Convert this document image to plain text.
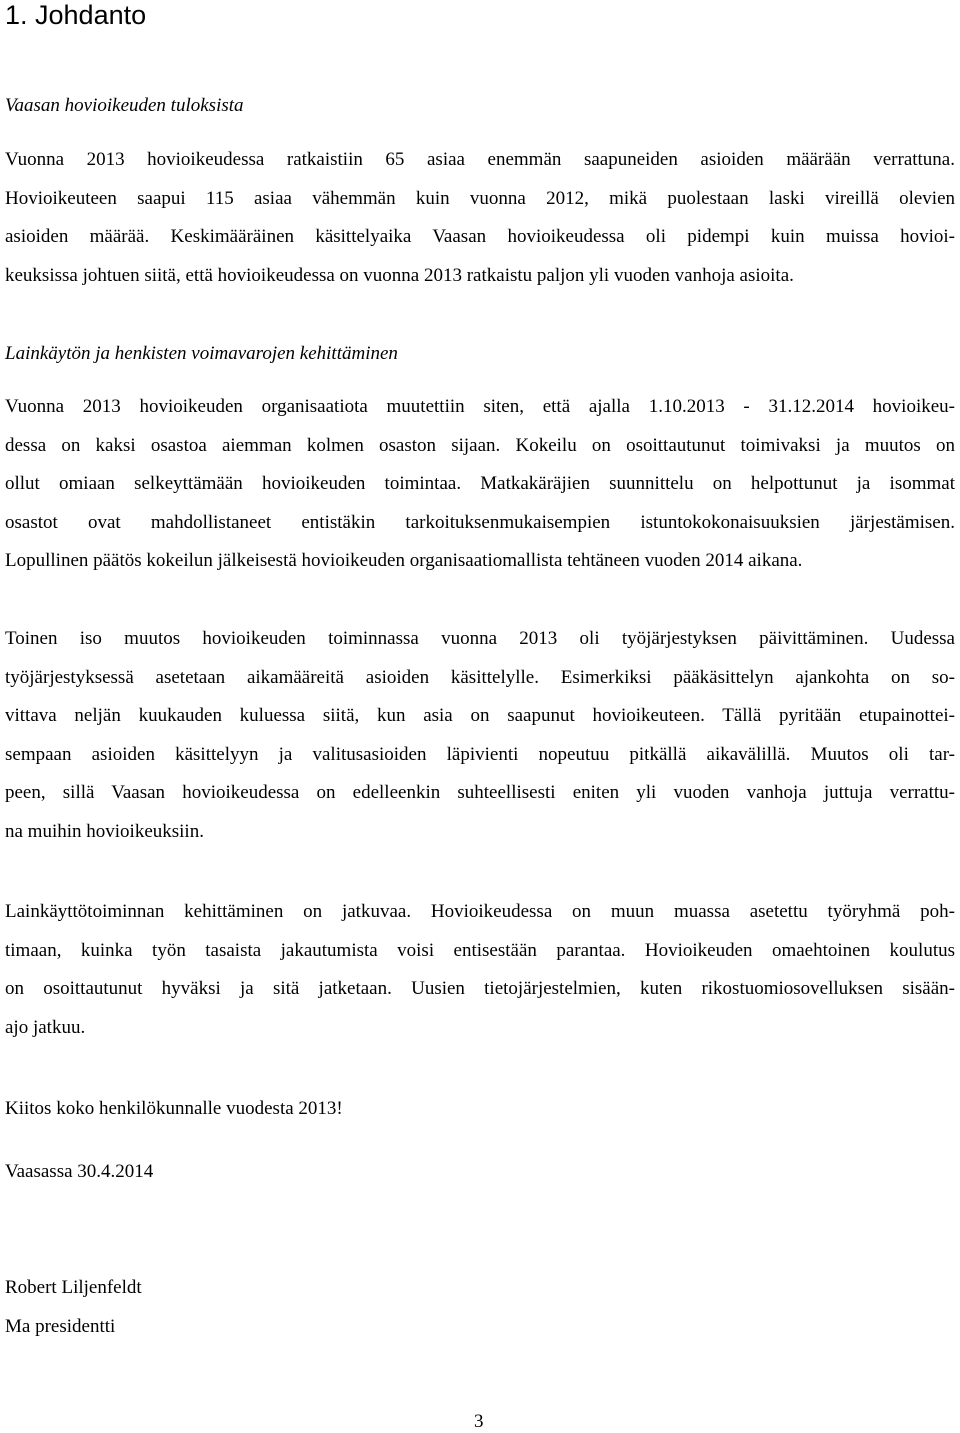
1. Johdanto

Vaasan hovioikeuden tuloksista

Vuonna 2013 hovioikeudessa ratkaistiin 65 asiaa enemmän saapuneiden asioiden määrään verrattuna.
Hovioikeuteen saapui 115 asiaa vähemmän kuin vuonna 2012, mikä puolestaan laski vireillä olevien
asioiden määrää. Keskimääräinen käsittelyaika Vaasan hovioikeudessa oli pidempi kuin muissa hovioi-
keuksissa johtuen siitä, että hovioikeudessa on vuonna 2013 ratkaistu paljon yli vuoden vanhoja asioita.

Lainkäytön ja henkisten voimavarojen kehittäminen

Vuonna 2013 hovioikeuden organisaatiota muutettiin siten, että ajalla 1.10.2013 - 31.12.2014 hovioikeu-
dessa on kaksi osastoa aiemman kolmen osaston sijaan. Kokeilu on osoittautunut toimivaksi ja muutos on
ollut omiaan selkeyttämään hovioikeuden toimintaa. Matkakäräjien suunnittelu on helpottunut ja isommat
osastot ovat mahdollistaneet entistäkin tarkoituksenmukaisempien istuntokokonaisuuksien järjestämisen.
Lopullinen päätös kokeilun jälkeisestä hovioikeuden organisaatiomallista tehtäneen vuoden 2014 aikana.
Toinen iso muutos hovioikeuden toiminnassa vuonna 2013 oli työjärjestyksen päivittäminen. Uudessa
työjärjestyksessä asetetaan aikamääreitä asioiden käsittelylle. Esimerkiksi pääkäsittelyn ajankohta on so-
vittava neljän kuukauden kuluessa siitä, kun asia on saapunut hovioikeuteen. Tällä pyritään etupainottei-
sempaan asioiden käsittelyyn ja valitusasioiden läpivienti nopeutuu pitkällä aikavälillä. Muutos oli tar-
peen, sillä Vaasan hovioikeudessa on edelleenkin suhteellisesti eniten yli vuoden vanhoja juttuja verrattu-
na muihin hovioikeuksiin.
Lainkäyttötoiminnan kehittäminen on jatkuvaa. Hovioikeudessa on muun muassa asetettu työryhmä poh-
timaan, kuinka työn tasaista jakautumista voisi entisestään parantaa. Hovioikeuden omaehtoinen koulutus
on osoittautunut hyväksi ja sitä jatketaan. Uusien tietojärjestelmien, kuten rikostuomiosovelluksen sisään-
ajo jatkuu.

Kiitos koko henkilökunnalle vuodesta 2013!

Vaasassa 30.4.2014

Robert Liljenfeldt

Ma presidentti

3
